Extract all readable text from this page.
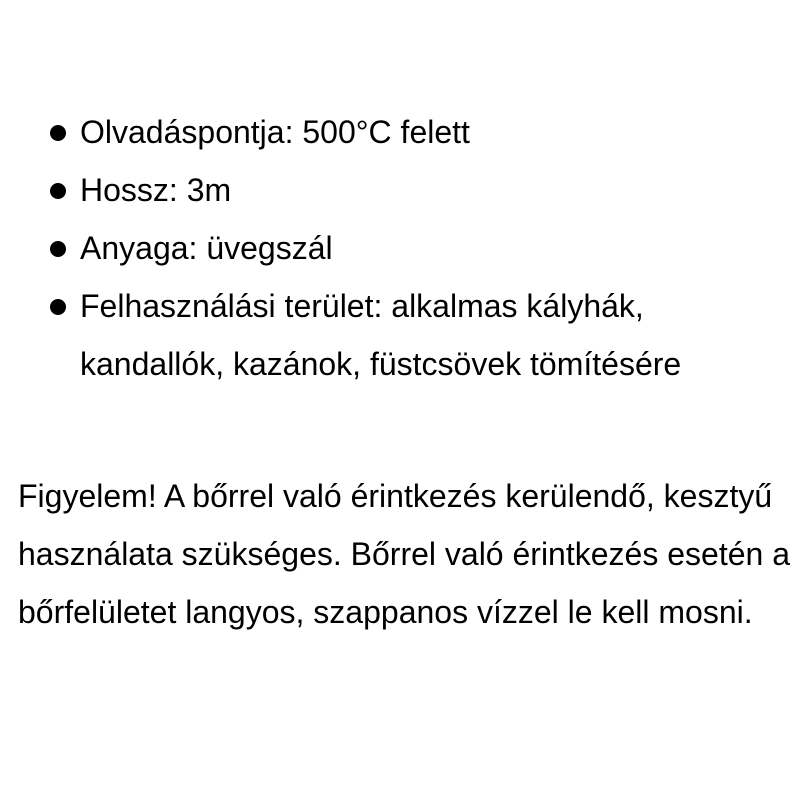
Olvadáspontja: 500°C felett
Hossz: 3m
Anyaga: üvegszál
Felhasználási terület: alkalmas kályhák, kandallók, kazánok, füstcsövek tömítésére

Figyelem! A bőrrel való érintkezés kerülendő, kesztyű használata szükséges. Bőrrel való érintkezés esetén a bőrfelületet langyos, szappanos vízzel le kell mosni.
